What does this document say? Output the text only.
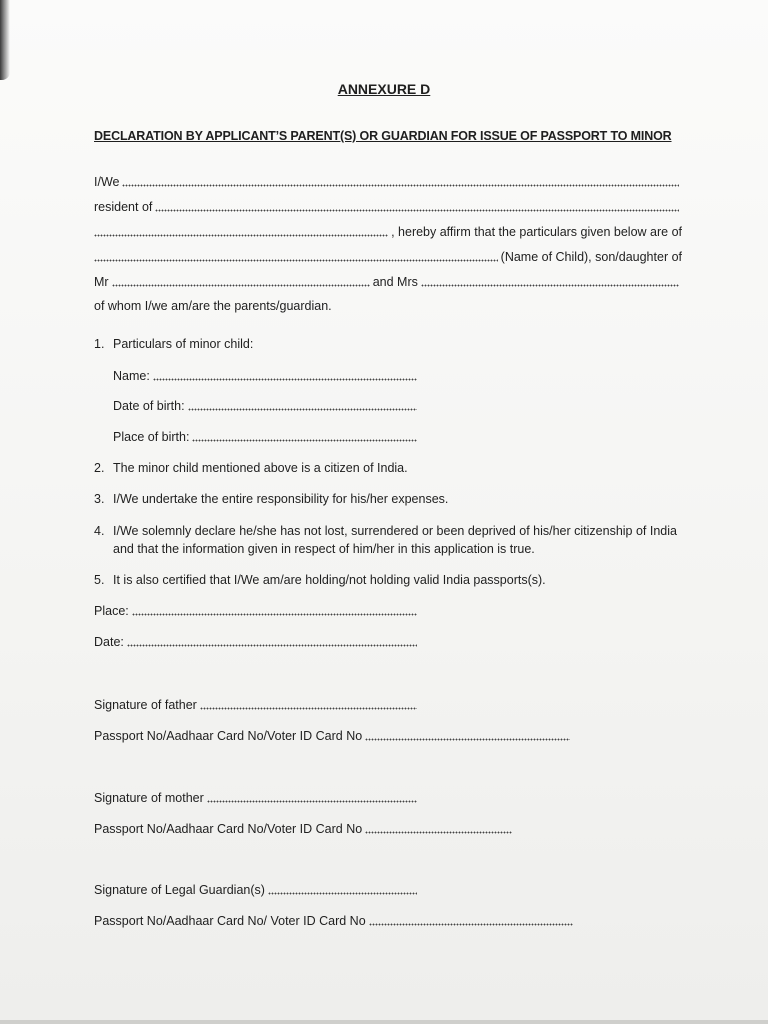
ANNEXURE D
DECLARATION BY APPLICANT’S PARENT(S) OR GUARDIAN FOR ISSUE OF PASSPORT TO MINOR
I/We
resident of
, hereby affirm that the particulars given below are of
(Name of Child), son/daughter of
Mr	and Mrs
of whom I/we am/are the parents/guardian.
1. Particulars of minor child:
Name:
Date of birth:
Place of birth:
2. The minor child mentioned above is a citizen of India.
3. I/We undertake the entire responsibility for his/her expenses.
4. I/We solemnly declare he/she has not lost, surrendered or been deprived of his/her citizenship of India and that the information given in respect of him/her in this application is true.
5. It is also certified that I/We am/are holding/not holding valid India passports(s).
Place:
Date:
Signature of father
Passport No/Aadhaar Card No/Voter ID Card No
Signature of mother
Passport No/Aadhaar Card No/Voter ID Card No
Signature of Legal Guardian(s)
Passport No/Aadhaar Card No/ Voter ID Card No
